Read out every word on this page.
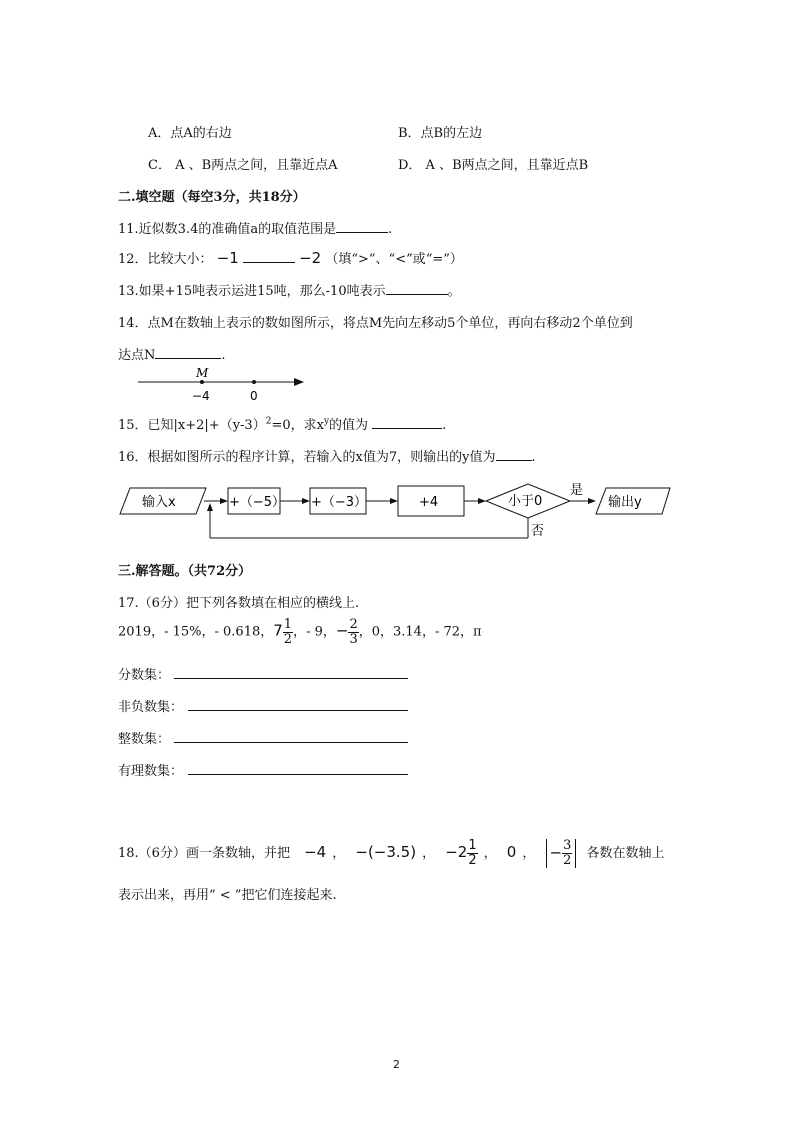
A．点A的右边	B．点B的左边
C． A 、B两点之间，且靠近点A	D． A 、B两点之间，且靠近点B
二.填空题（每空3分，共18分）
11.近似数3.4的准确值a的取值范围是	.
12．比较大小： −1	−2 （填“>”、“<”或“=”）
13.如果+15吨表示运进15吨，那么-10吨表示	。
14．点M在数轴上表示的数如图所示，将点M先向左移动5个单位，再向右移动2个单位到
达点N	.
M
−4	0
15．已知$|x+2|+(y-3)^2=0$，求$x^y$的值为	.
16．根据如图所示的程序计算，若输入的x值为7，则输出的y值为	.
输入x	+（−5） +（−3）	+4	小于0
是
输出y
否
三.解答题。（共72分）
17.（6分）把下列各数填在相应的横线上.
2019，- 15%，- 0.618，$7 \frac{1}{2}$ ，- 9，− $\frac{2}{3}$ ，0，3.14，- 72，π
分数集：
非负数集：
整数集：
有理数集：
18.（6分）画一条数轴，并把 −4 ， −(−3.5) ， $-2 \frac{1}{2}$ ， 0 ， − $\frac{3}{2}$ 各数在数轴上
表示出来，再用“ < ”把它们连接起来.
2
